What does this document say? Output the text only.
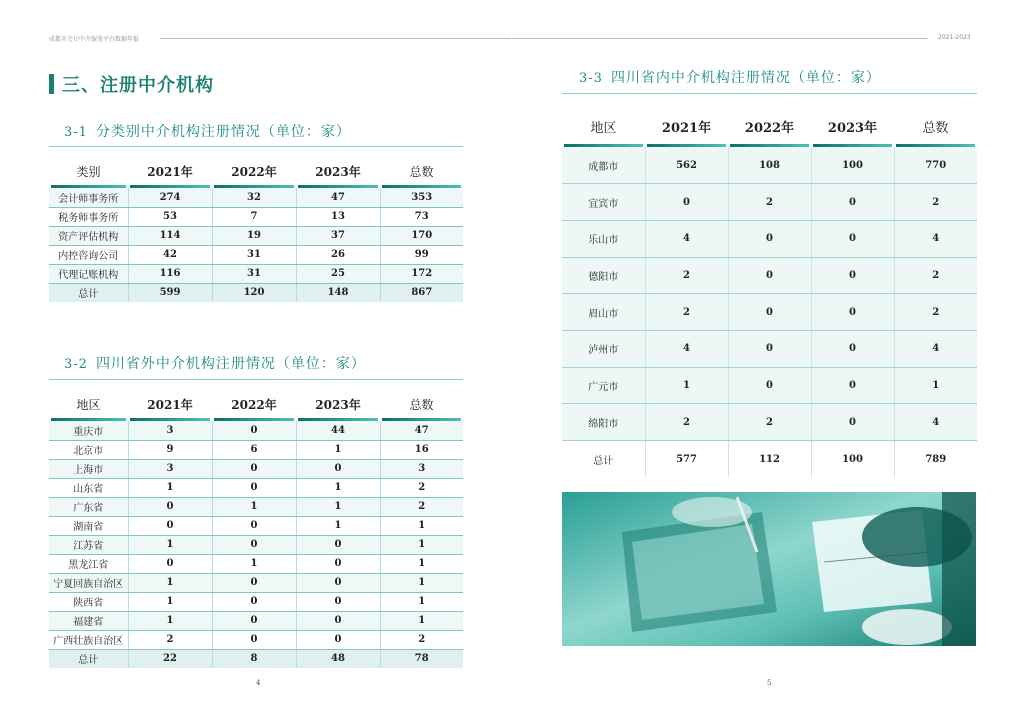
成都市会计中介服务平台数据年报
三、注册中介机构
3-1 分类别中介机构注册情况（单位：家）
类别	2021年	2022年	2023年	总数

会计师事务所	274	32	47	353
税务师事务所	53	7	13	73
资产评估机构	114	19	37	170
内控咨询公司	42	31	26	99
代理记账机构	116	31	25	172
总计	599	120	148	867
3-2 四川省外中介机构注册情况（单位：家）
地区	2021年	2022年	2023年	总数

重庆市	3	0	44	47
北京市	9	6	1	16
上海市	3	0	0	3
山东省	1	0	1	2
广东省	0	1	1	2
湖南省	0	0	1	1
江苏省	1	0	0	1
黑龙江省	0	1	0	1
宁夏回族自治区	1	0	0	1
陕西省	1	0	0	1
福建省	1	0	0	1
广西壮族自治区	2	0	0	2
总计	22	8	48	78
4
2021-2023
3-3 四川省内中介机构注册情况（单位：家）
地区	2021年	2022年	2023年	总数

成都市	562	108	100	770
宜宾市	0	2	0	2
乐山市	4	0	0	4
德阳市	2	0	0	2
眉山市	2	0	0	2
泸州市	4	0	0	4
广元市	1	0	0	1
绵阳市	2	2	0	4
总计	577	112	100	789
5
